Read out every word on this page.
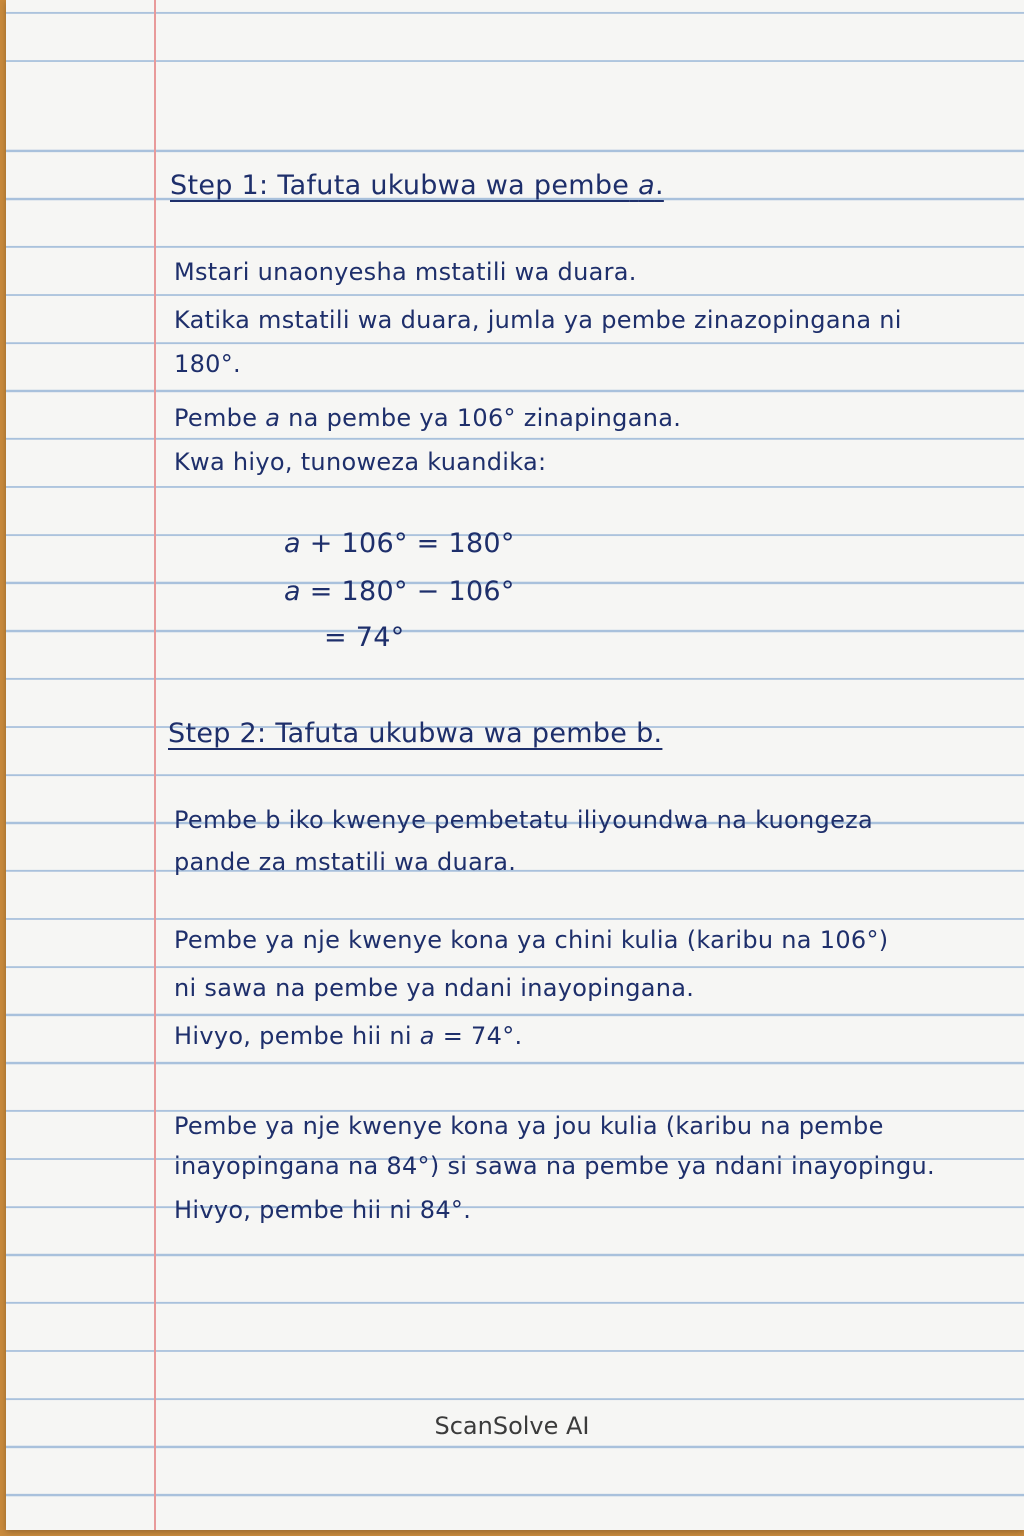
Step 1: Tafuta ukubwa wa pembe a.
Mstari unaonyesha mstatili wa duara.
Katika mstatili wa duara, jumla ya pembe zinazopingana ni
180°.
Pembe a na pembe ya 106° zinapingana.
Kwa hiyo, tunoweza kuandika:
a + 106° = 180°
a = 180° − 106°
= 74°
Step 2: Tafuta ukubwa wa pembe b.
Pembe b iko kwenye pembetatu iliyoundwa na kuongeza
pande za mstatili wa duara.
Pembe ya nje kwenye kona ya chini kulia (karibu na 106°)
ni sawa na pembe ya ndani inayopingana.
Hivyo, pembe hii ni a = 74°.
Pembe ya nje kwenye kona ya jou kulia (karibu na pembe
inayopingana na 84°) si sawa na pembe ya ndani inayopingu.
Hivyo, pembe hii ni 84°.
ScanSolve AI
